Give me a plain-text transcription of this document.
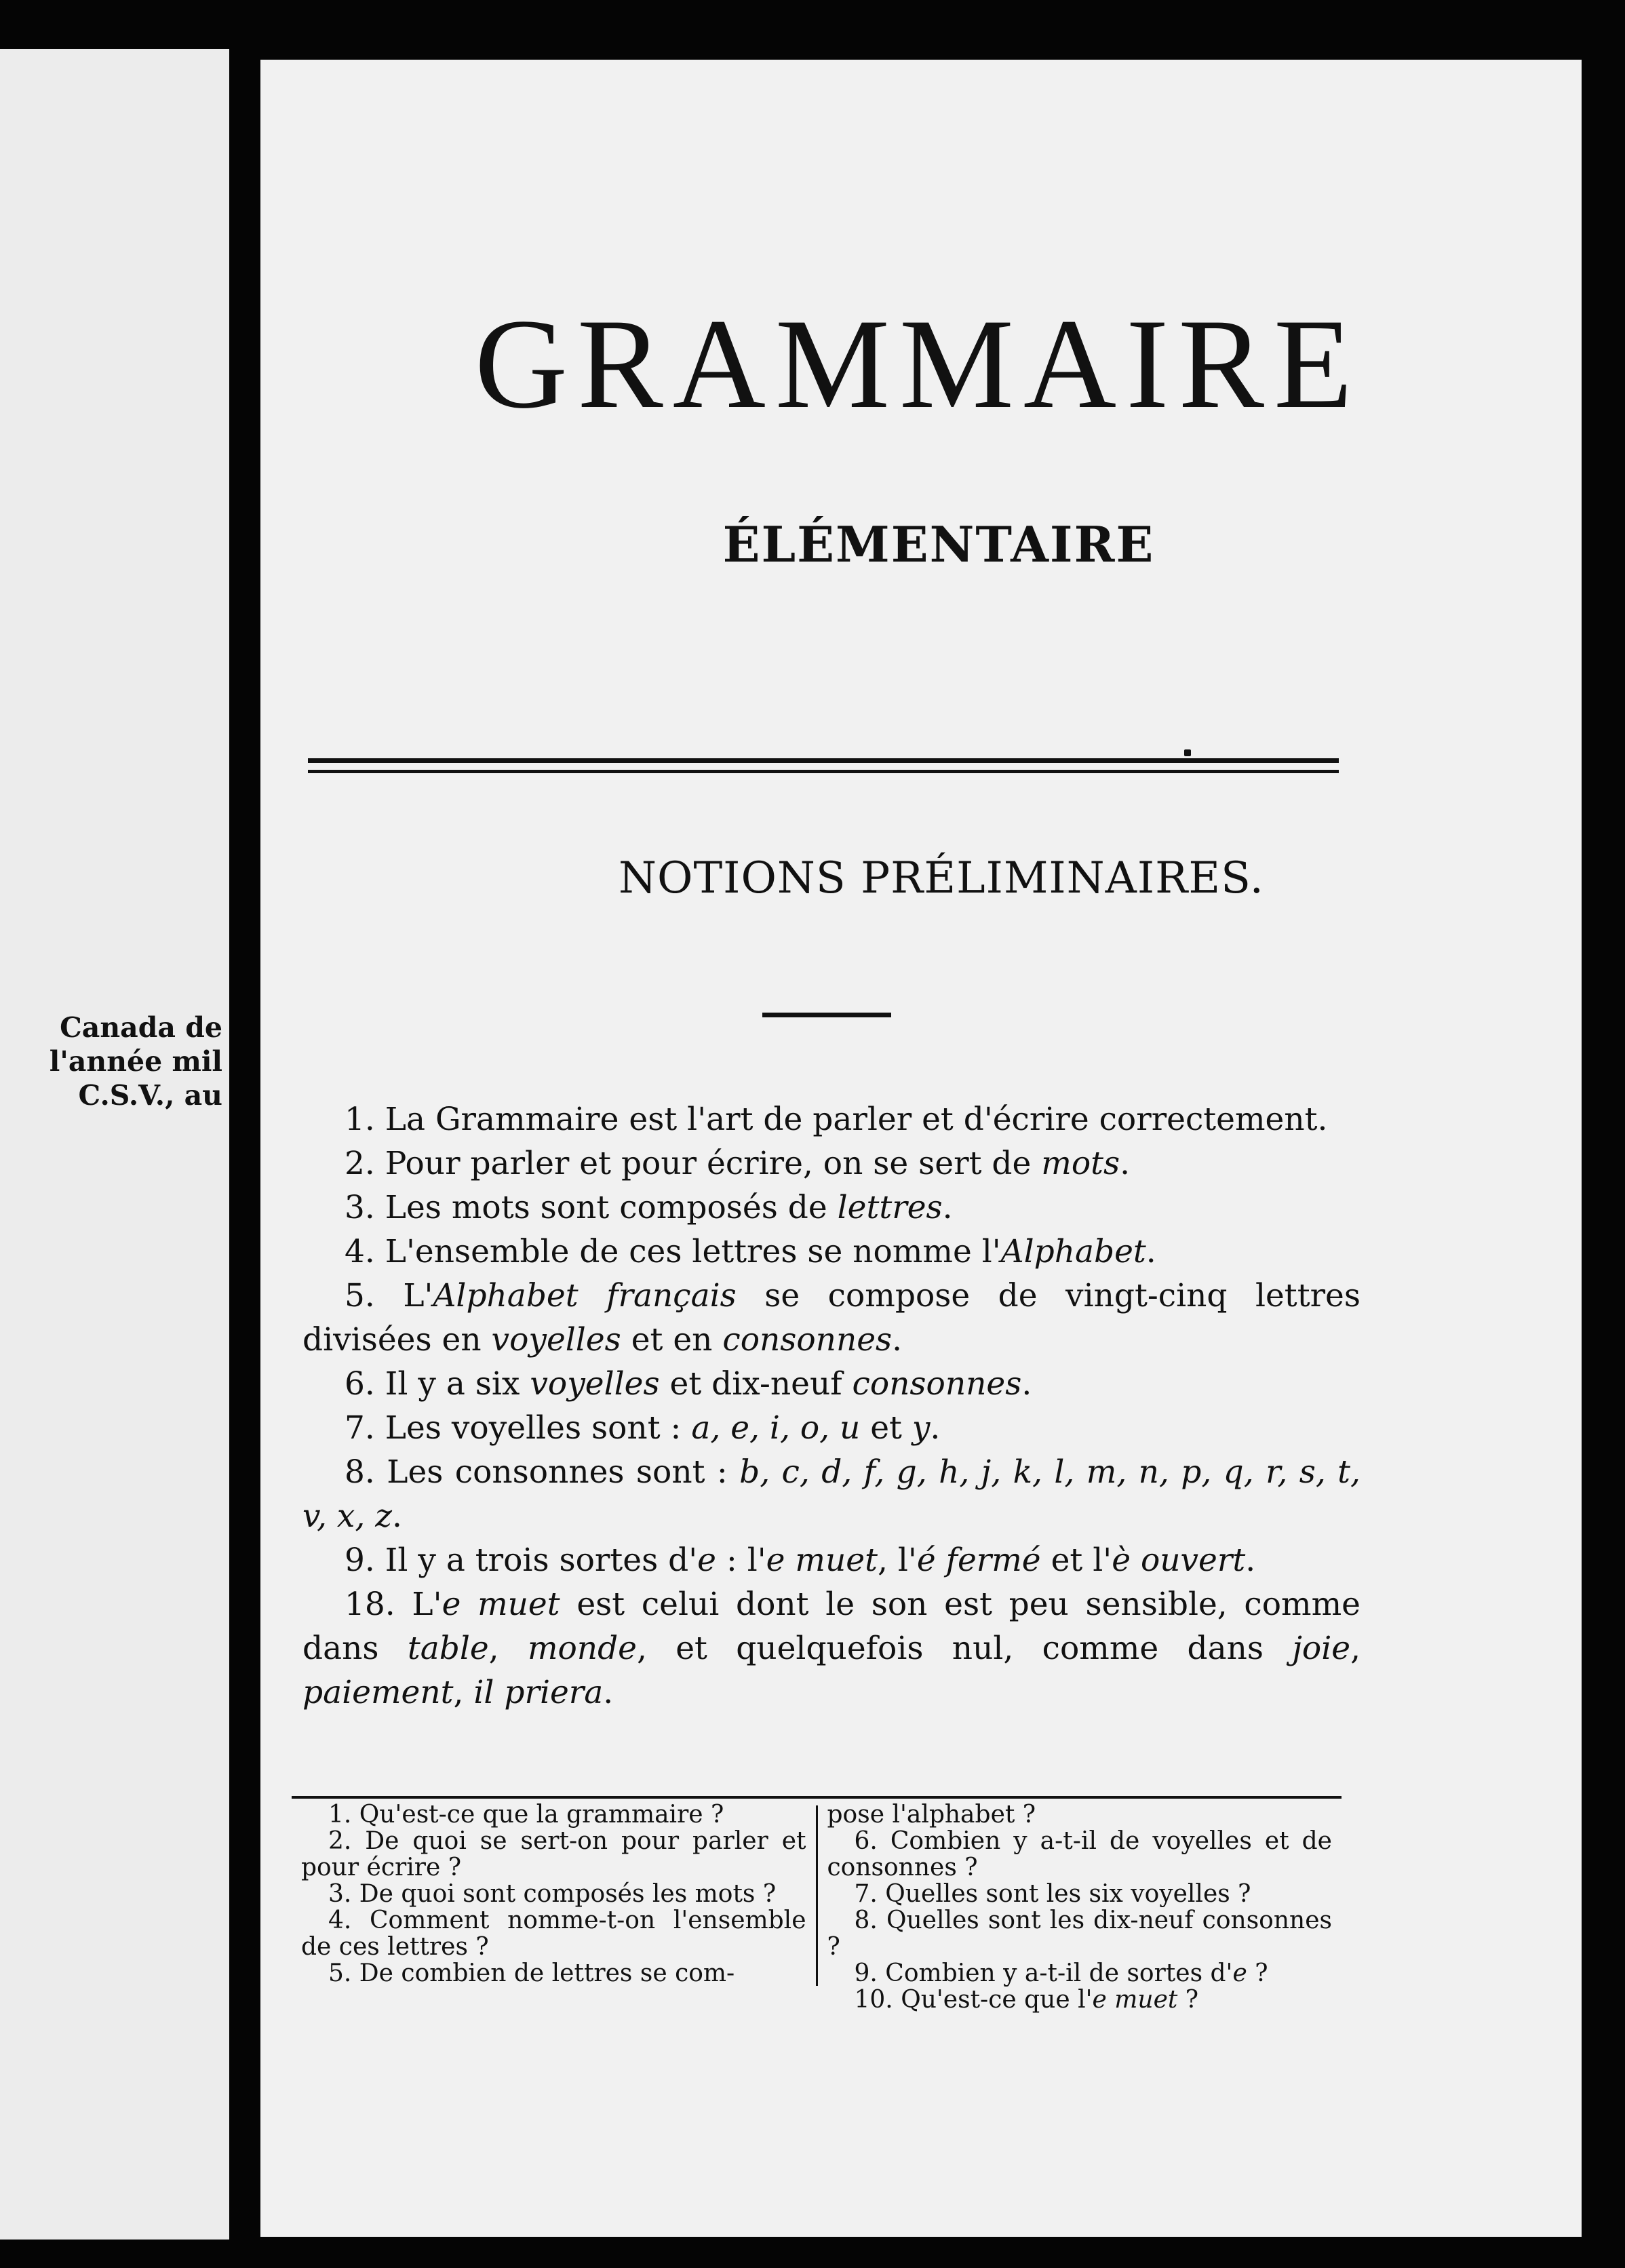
Canada de
l'année mil
C.S.V., au
GRAMMAIRE
ÉLÉMENTAIRE
NOTIONS PRÉLIMINAIRES.

1. La Grammaire est l'art de parler et d'écrire correctement.

2. Pour parler et pour écrire, on se sert de mots.

3. Les mots sont composés de lettres.

4. L'ensemble de ces lettres se nomme l'Alphabet.

5. L'Alphabet français se compose de vingt-cinq lettres divisées en voyelles et en consonnes.

6. Il y a six voyelles et dix-neuf consonnes.

7. Les voyelles sont : a, e, i, o, u et y.

8. Les consonnes sont : b, c, d, f, g, h, j, k, l, m, n, p, q, r, s, t, v, x, z.

9. Il y a trois sortes d'e : l'e muet, l'é fermé et l'è ouvert.

18. L'e muet est celui dont le son est peu sensible, comme dans table, monde, et quelquefois nul, comme dans joie, paiement, il priera.

1. Qu'est-ce que la grammaire ?

2. De quoi se sert-on pour parler et pour écrire ?

3. De quoi sont composés les mots ?

4. Comment nomme-t-on l'ensemble de ces lettres ?

5. De combien de lettres se com-

pose l'alphabet ?

6. Combien y a-t-il de voyelles et de consonnes ?

7. Quelles sont les six voyelles ?

8. Quelles sont les dix-neuf consonnes ?

9. Combien y a-t-il de sortes d'e ?

10. Qu'est-ce que l'e muet ?
